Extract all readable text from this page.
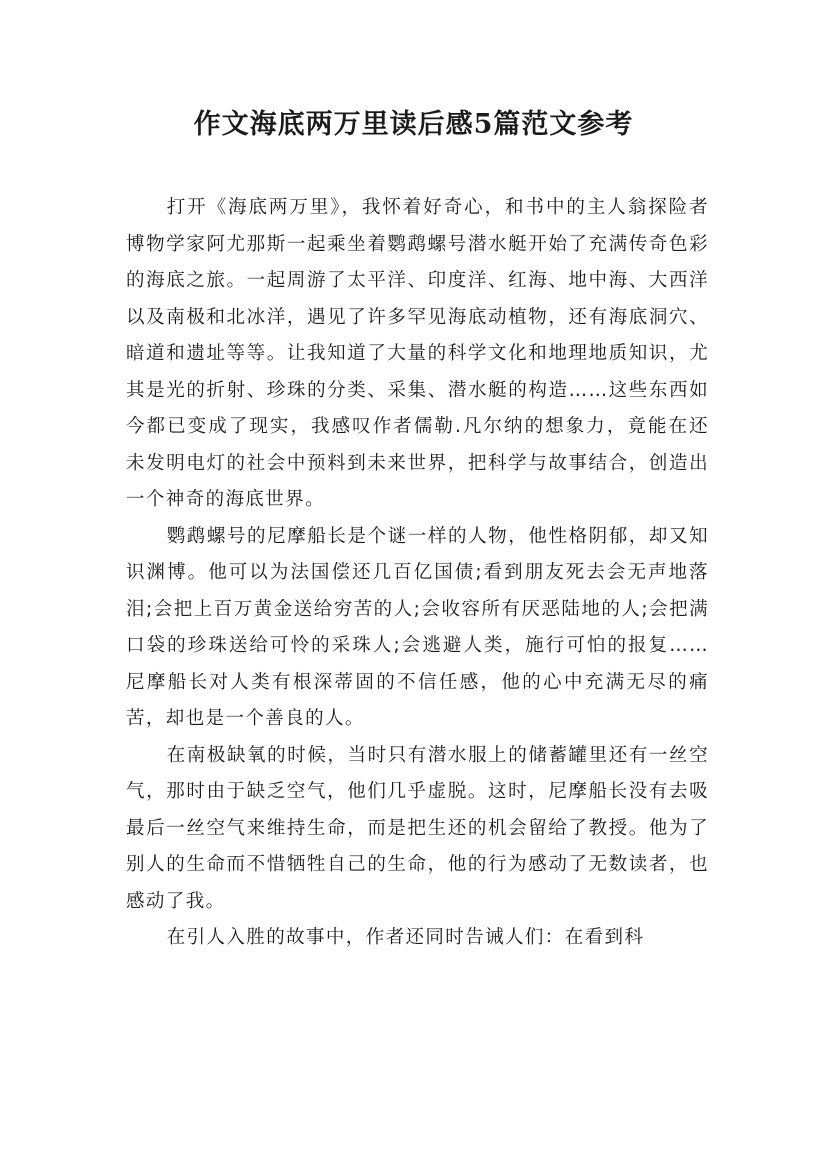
作文海底两万里读后感5篇范文参考

打开《海底两万里》，我怀着好奇心，和书中的主人翁探险者博物学家阿尤那斯一起乘坐着鹦鹉螺号潜水艇开始了充满传奇色彩的海底之旅。一起周游了太平洋、印度洋、红海、地中海、大西洋以及南极和北冰洋，遇见了许多罕见海底动植物，还有海底洞穴、暗道和遗址等等。让我知道了大量的科学文化和地理地质知识，尤其是光的折射、珍珠的分类、采集、潜水艇的构造……这些东西如今都已变成了现实，我感叹作者儒勒.凡尔纳的想象力，竟能在还未发明电灯的社会中预料到未来世界，把科学与故事结合，创造出一个神奇的海底世界。

鹦鹉螺号的尼摩船长是个谜一样的人物，他性格阴郁，却又知识渊博。他可以为法国偿还几百亿国债;看到朋友死去会无声地落泪;会把上百万黄金送给穷苦的人;会收容所有厌恶陆地的人;会把满口袋的珍珠送给可怜的采珠人;会逃避人类，施行可怕的报复……尼摩船长对人类有根深蒂固的不信任感，他的心中充满无尽的痛苦，却也是一个善良的人。

在南极缺氧的时候，当时只有潜水服上的储蓄罐里还有一丝空气，那时由于缺乏空气，他们几乎虚脱。这时，尼摩船长没有去吸最后一丝空气来维持生命，而是把生还的机会留给了教授。他为了别人的生命而不惜牺牲自己的生命，他的行为感动了无数读者，也感动了我。

在引人入胜的故事中，作者还同时告诫人们：在看到科
